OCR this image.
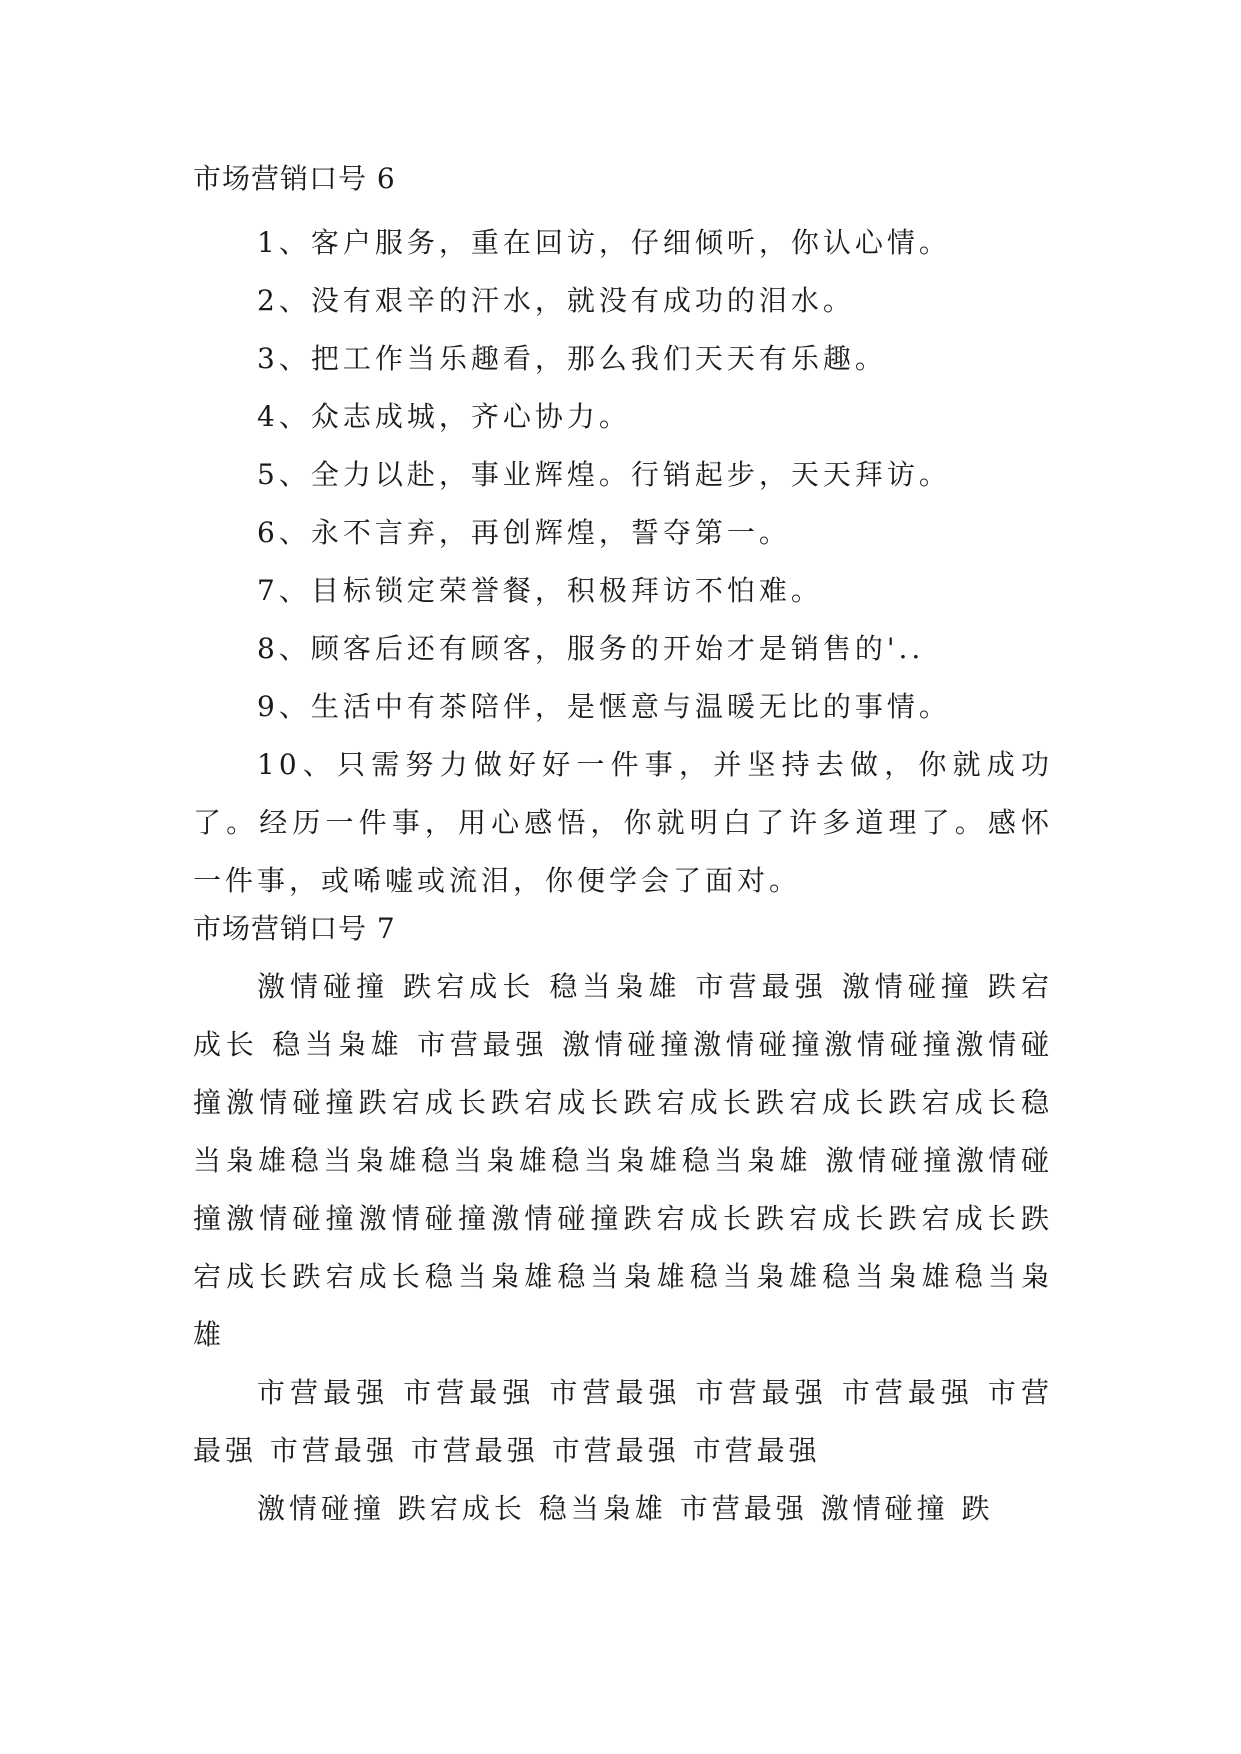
市场营销口号 6

1、客户服务，重在回访，仔细倾听，你认心情。

2、没有艰辛的汗水，就没有成功的泪水。

3、把工作当乐趣看，那么我们天天有乐趣。

4、众志成城，齐心协力。

5、全力以赴，事业辉煌。行销起步，天天拜访。

6、永不言弃，再创辉煌，誓夺第一。

7、目标锁定荣誉餐，积极拜访不怕难。

8、顾客后还有顾客，服务的开始才是销售的'..

9、生活中有茶陪伴，是惬意与温暖无比的事情。

10、只需努力做好好一件事，并坚持去做，你就成功了。经历一件事，用心感悟，你就明白了许多道理了。感怀一件事，或唏嘘或流泪，你便学会了面对。

市场营销口号 7

激情碰撞 跌宕成长 稳当枭雄 市营最强 激情碰撞 跌宕成长 稳当枭雄 市营最强 激情碰撞激情碰撞激情碰撞激情碰撞激情碰撞跌宕成长跌宕成长跌宕成长跌宕成长跌宕成长稳当枭雄稳当枭雄稳当枭雄稳当枭雄稳当枭雄 激情碰撞激情碰撞激情碰撞激情碰撞激情碰撞跌宕成长跌宕成长跌宕成长跌宕成长跌宕成长稳当枭雄稳当枭雄稳当枭雄稳当枭雄稳当枭雄

市营最强 市营最强 市营最强 市营最强 市营最强 市营最强 市营最强 市营最强 市营最强 市营最强

激情碰撞 跌宕成长 稳当枭雄 市营最强 激情碰撞 跌
